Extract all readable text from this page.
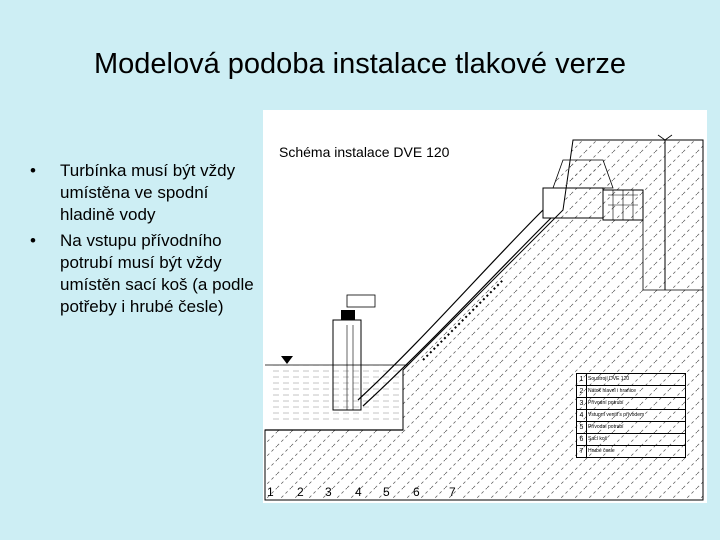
Modelová podoba instalace tlakové verze
• Turbínka musí být vždy umístěna ve spodní hladině vody
• Na vstupu přívodního potrubí musí být vždy umístěn sací koš (a podle potřeby i hrubé česle)
Schéma instalace DVE 120
1	Soustrojí DVE 120
2	Nátok hlavní i hranice
3	Přívodní potrubí
4	Vstupní ventil s přívodem
5	Přívodní potrubí
6	Sací koš
7	Hrubé česle
1 2 3 4 5 6 7
